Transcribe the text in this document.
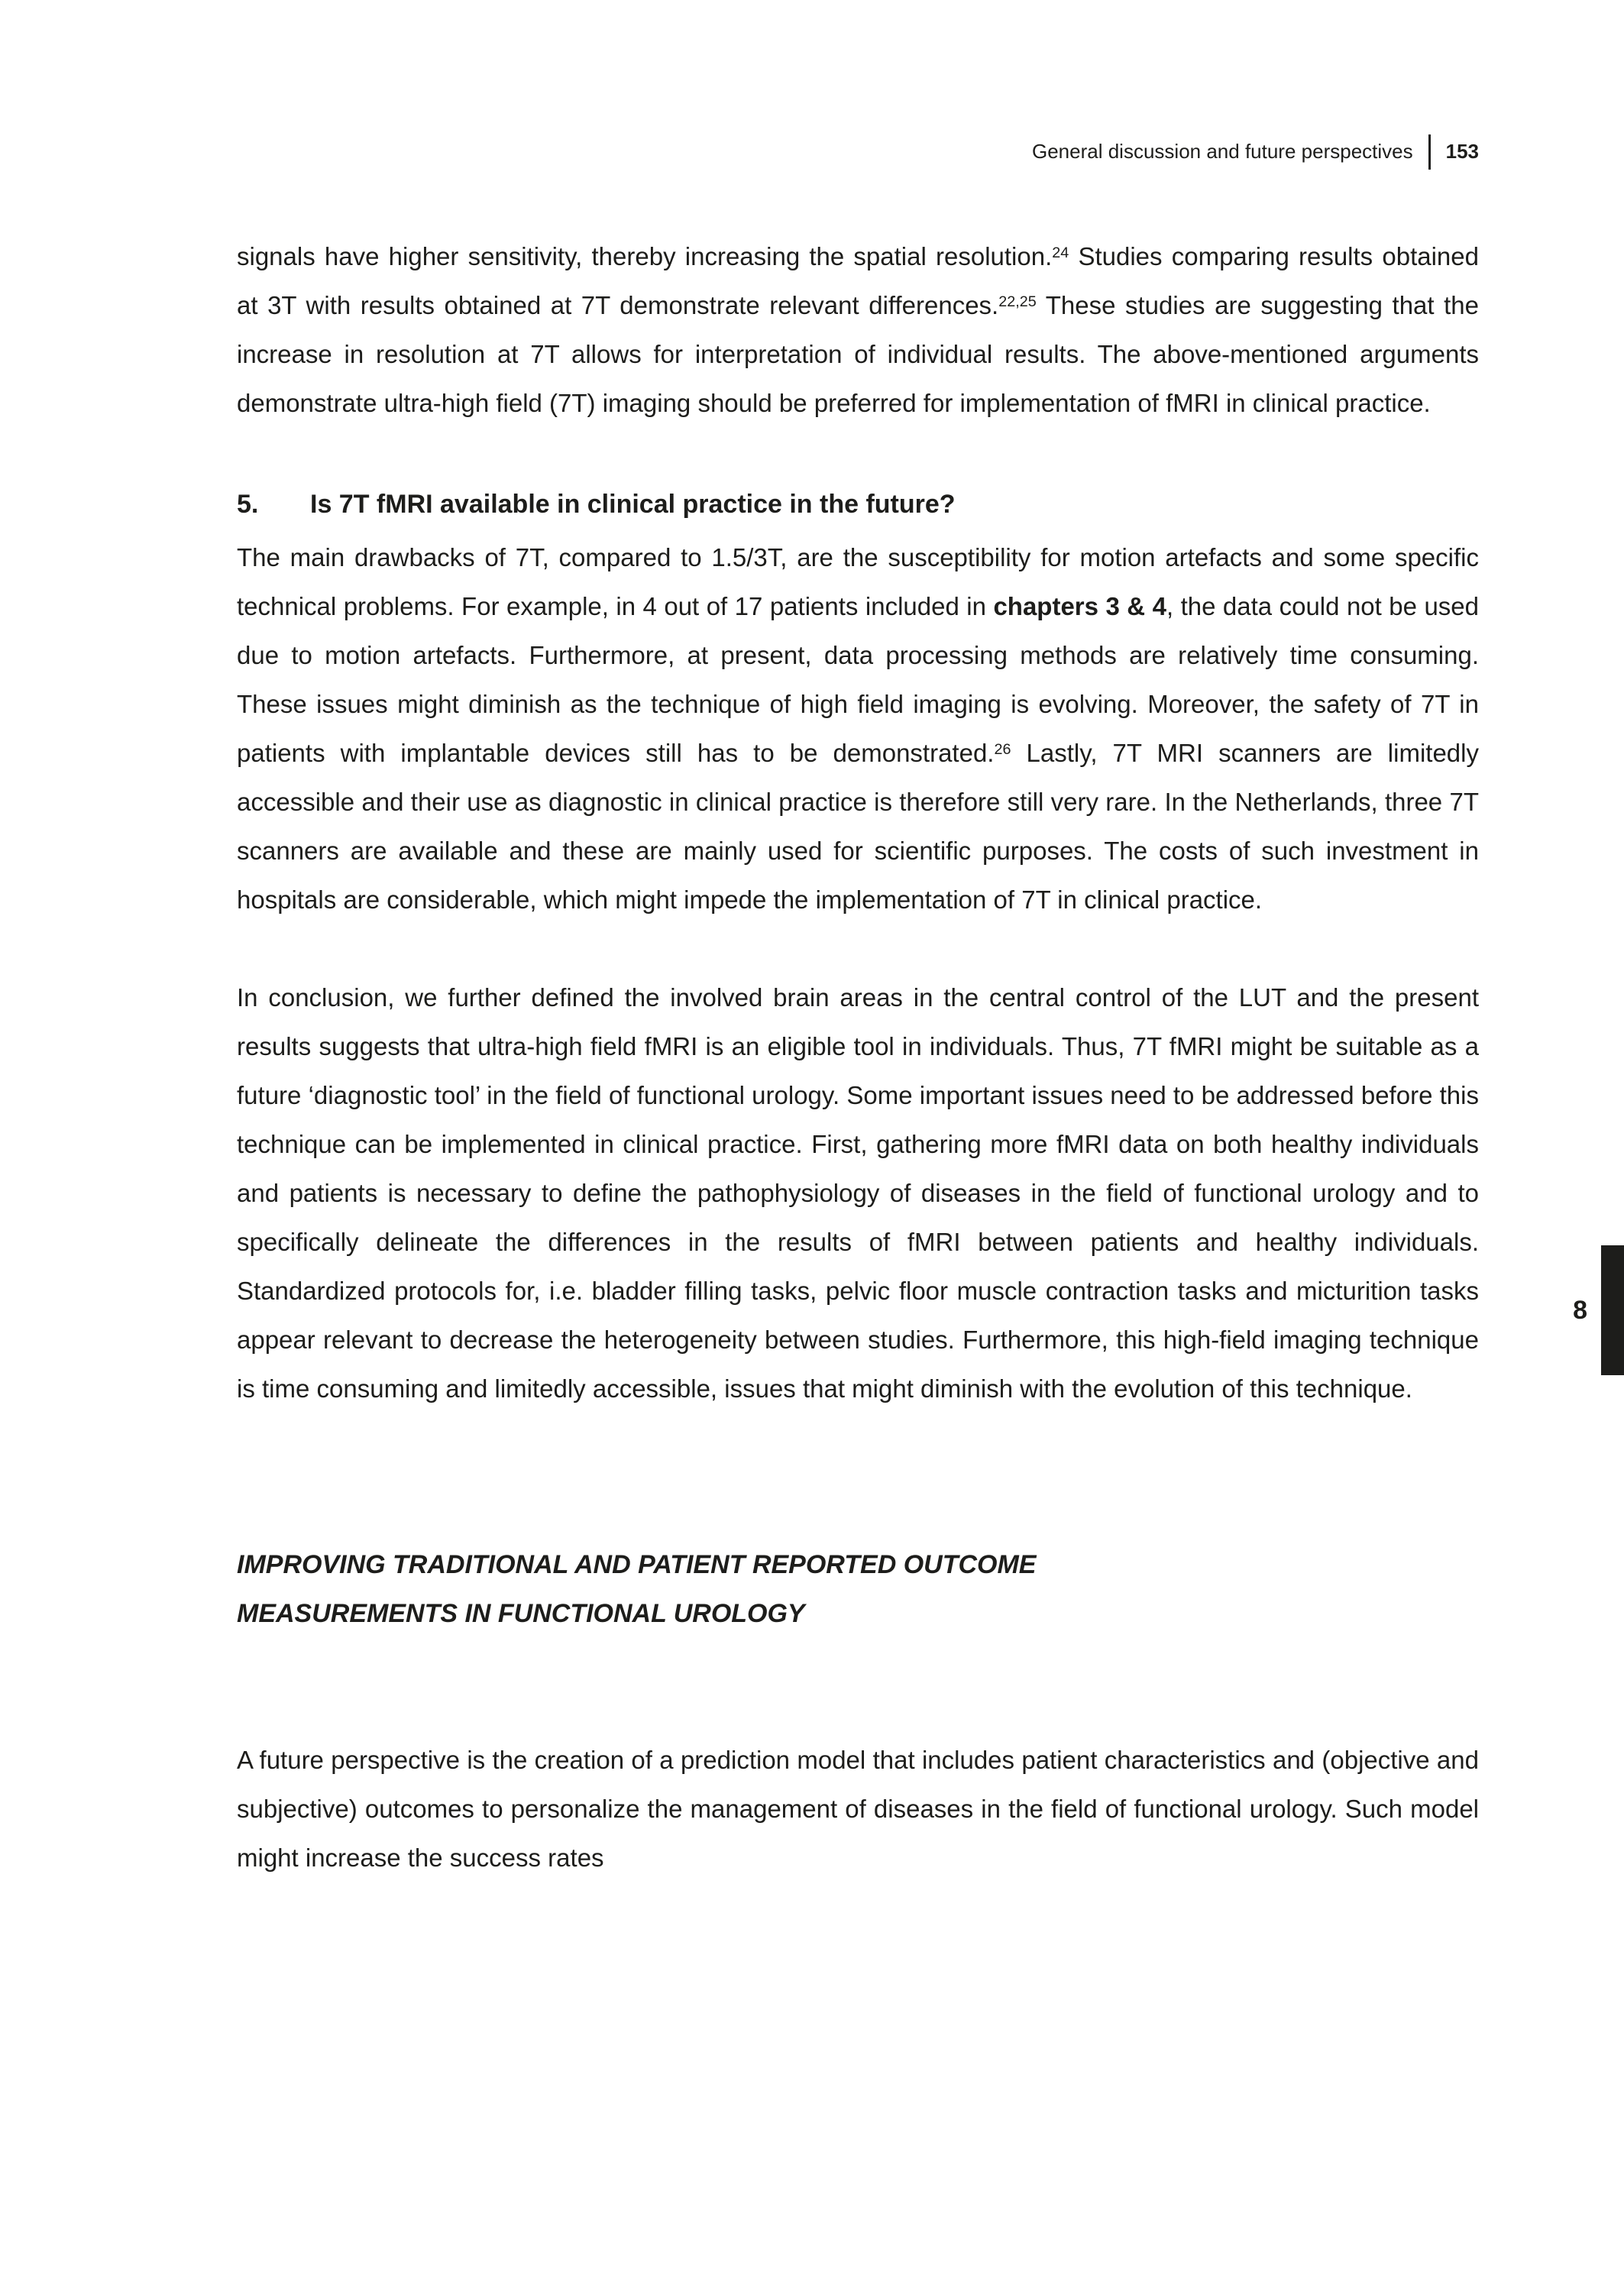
General discussion and future perspectives 153

signals have higher sensitivity, thereby increasing the spatial resolution.$^{24}$ Studies comparing results obtained at 3T with results obtained at 7T demonstrate relevant differences.$^{22,25}$ These studies are suggesting that the increase in resolution at 7T allows for interpretation of individual results. The above-mentioned arguments demonstrate ultra-high field (7T) imaging should be preferred for implementation of fMRI in clinical practice.

5. Is 7T fMRI available in clinical practice in the future?

The main drawbacks of 7T, compared to 1.5/3T, are the susceptibility for motion artefacts and some specific technical problems. For example, in 4 out of 17 patients included in chapters 3 & 4, the data could not be used due to motion artefacts. Furthermore, at present, data processing methods are relatively time consuming. These issues might diminish as the technique of high field imaging is evolving. Moreover, the safety of 7T in patients with implantable devices still has to be demonstrated.$^{26}$ Lastly, 7T MRI scanners are limitedly accessible and their use as diagnostic in clinical practice is therefore still very rare. In the Netherlands, three 7T scanners are available and these are mainly used for scientific purposes. The costs of such investment in hospitals are considerable, which might impede the implementation of 7T in clinical practice.

In conclusion, we further defined the involved brain areas in the central control of the LUT and the present results suggests that ultra-high field fMRI is an eligible tool in individuals. Thus, 7T fMRI might be suitable as a future ‘diagnostic tool’ in the field of functional urology. Some important issues need to be addressed before this technique can be implemented in clinical practice. First, gathering more fMRI data on both healthy individuals and patients is necessary to define the pathophysiology of diseases in the field of functional urology and to specifically delineate the differences in the results of fMRI between patients and healthy individuals. Standardized protocols for, i.e. bladder filling tasks, pelvic floor muscle contraction tasks and micturition tasks appear relevant to decrease the heterogeneity between studies. Furthermore, this high-field imaging technique is time consuming and limitedly accessible, issues that might diminish with the evolution of this technique.

IMPROVING TRADITIONAL AND PATIENT REPORTED OUTCOME
MEASUREMENTS IN FUNCTIONAL UROLOGY

A future perspective is the creation of a prediction model that includes patient characteristics and (objective and subjective) outcomes to personalize the management of diseases in the field of functional urology. Such model might increase the success rates

8
